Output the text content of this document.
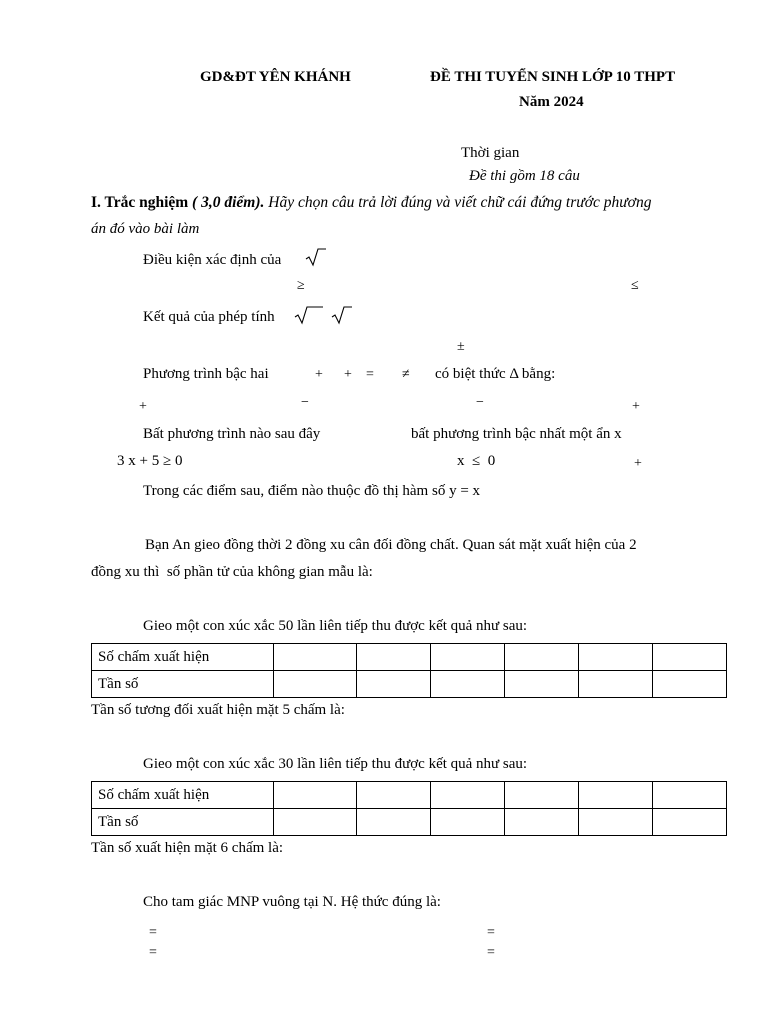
GD&ĐT YÊN KHÁNH	ĐỀ THI TUYỂN SINH LỚP 10 THPT
Năm 2024
Thời gian
Đề thi gồm 18 câu
I. Trắc nghiệm ( 3,0 điểm). Hãy chọn câu trả lời đúng và viết chữ cái đứng trước phương
án đó vào bài làm
Điều kiện xác định của
≥	≤
Kết quả của phép tính
±
Phương trình bậc hai	+ + = ≠ có biệt thức Δ bằng:
+	−	−	+
Bất phương trình nào sau đây	bất phương trình bậc nhất một ẩn x
3 x + 5 ≥ 0	x  ≤  0	+
Trong các điểm sau, điểm nào thuộc đồ thị hàm số y = x
Bạn An gieo đồng thời 2 đồng xu cân đối đồng chất. Quan sát mặt xuất hiện của 2
đồng xu thì  số phần tử của không gian mẫu là:
Gieo một con xúc xắc 50 lần liên tiếp thu được kết quả như sau:
Số chấm xuất hiện						
Tần số						
Tần số tương đối xuất hiện mặt 5 chấm là:
Gieo một con xúc xắc 30 lần liên tiếp thu được kết quả như sau:
Số chấm xuất hiện						
Tần số						
Tần số xuất hiện mặt 6 chấm là:
Cho tam giác MNP vuông tại N. Hệ thức đúng là:
=	=
=	=
